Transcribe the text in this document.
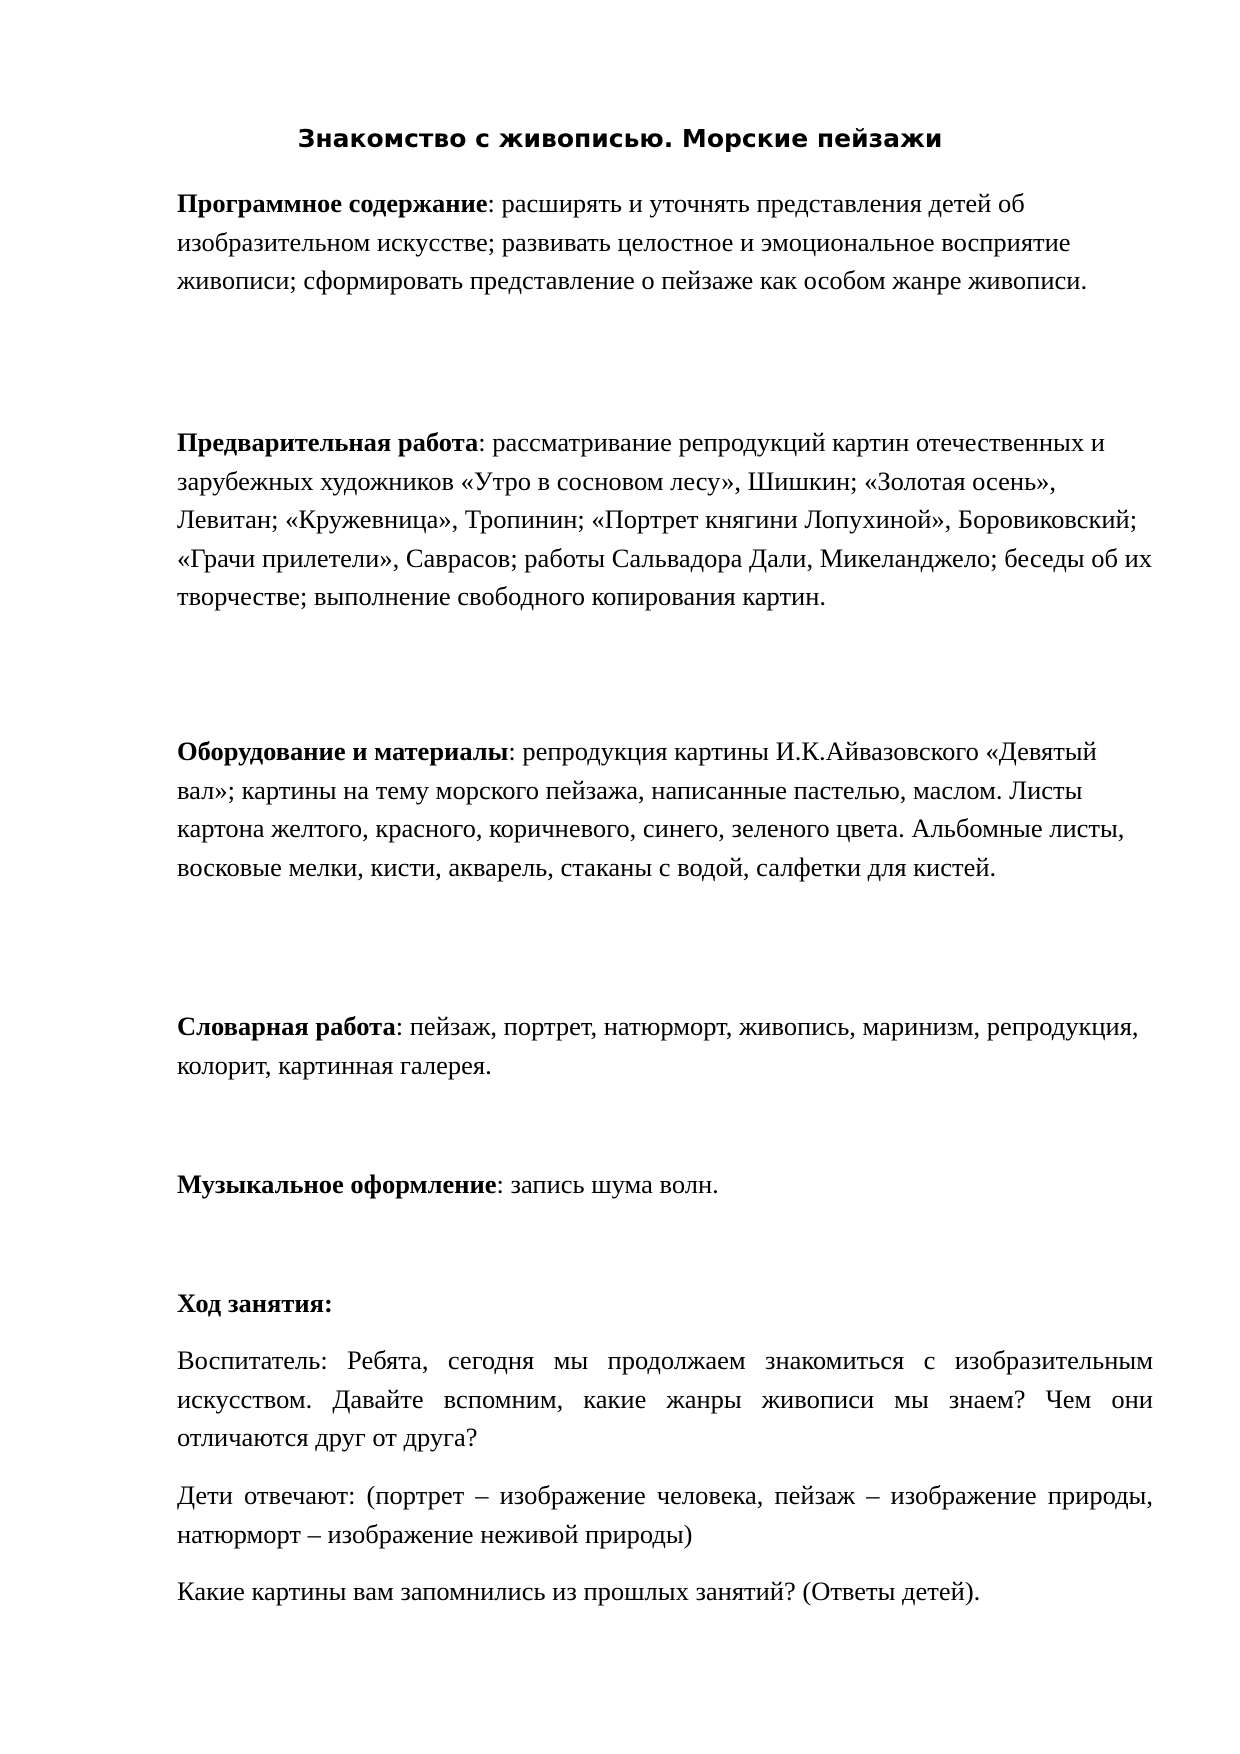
Знакомство с живописью. Морские пейзажи

Программное содержание: расширять и уточнять представления детей об изобразительном искусстве; развивать целостное и эмоциональное восприятие живописи; сформировать представление о пейзаже как особом жанре живописи.

Предварительная работа: рассматривание репродукций картин отечественных и зарубежных художников «Утро в сосновом лесу», Шишкин; «Золотая осень», Левитан; «Кружевница», Тропинин; «Портрет княгини Лопухиной», Боровиковский; «Грачи прилетели», Саврасов; работы Сальвадора Дали, Микеланджело; беседы об их творчестве; выполнение свободного копирования картин.

Оборудование и материалы: репродукция картины И.К.Айвазовского «Девятый вал»; картины на тему морского пейзажа, написанные пастелью, маслом. Листы картона желтого, красного, коричневого, синего, зеленого цвета. Альбомные листы, восковые мелки, кисти, акварель, стаканы с водой, салфетки для кистей.

Словарная работа: пейзаж, портрет, натюрморт, живопись, маринизм, репродукция, колорит, картинная галерея.

Музыкальное оформление: запись шума волн.

Ход занятия:

Воспитатель: Ребята, сегодня мы продолжаем знакомиться с изобразительным искусством. Давайте вспомним, какие жанры живописи мы знаем? Чем они отличаются друг от друга?

Дети отвечают: (портрет – изображение человека, пейзаж – изображение природы, натюрморт – изображение неживой природы)

Какие картины вам запомнились из прошлых занятий? (Ответы детей).
